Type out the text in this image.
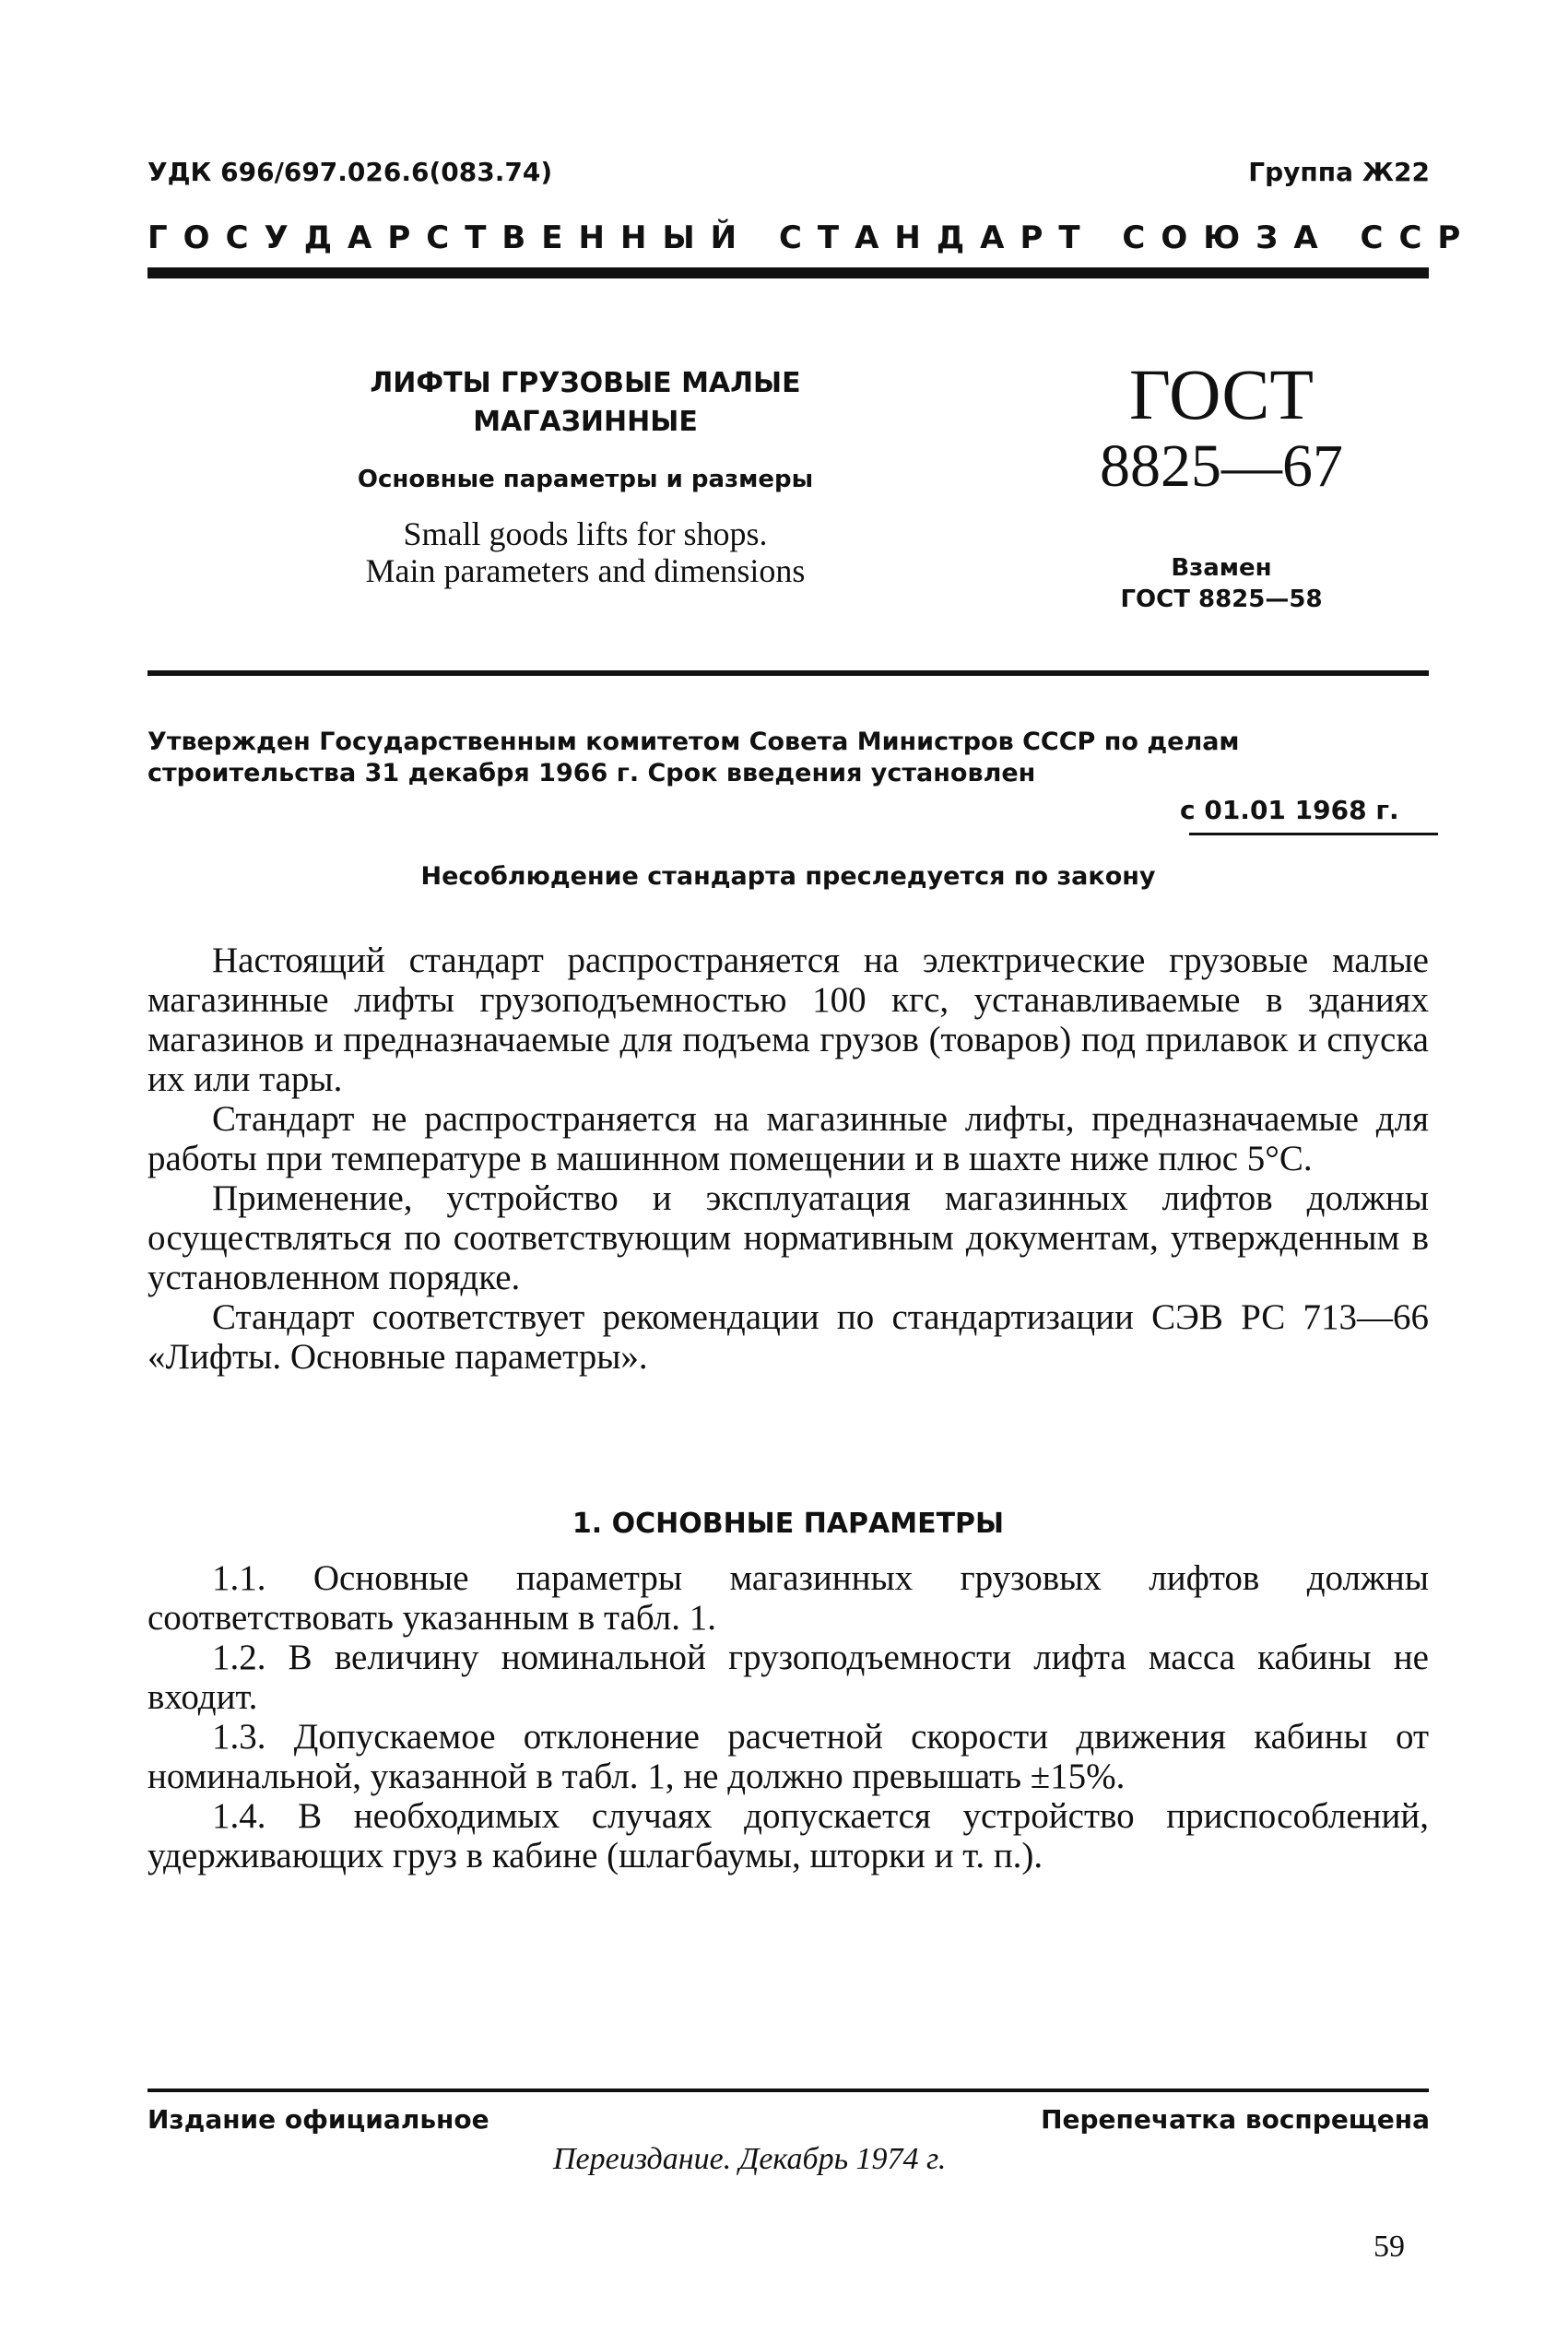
УДК 696/697.026.6(083.74)	Группа Ж22
ГОСУДАРСТВЕННЫЙ СТАНДАРТ СОЮЗА ССР
ЛИФТЫ ГРУЗОВЫЕ МАЛЫЕ
МАГАЗИННЫЕ
Основные параметры и размеры
Small goods lifts for shops.
Main parameters and dimensions
ГОСТ
8825—67
Взамен
ГОСТ 8825—58
Утвержден Государственным комитетом Совета Министров СССР по делам строительства 31 декабря 1966 г. Срок введения установлен
с 01.01 1968 г.
Несоблюдение стандарта преследуется по закону

Настоящий стандарт распространяется на электрические грузовые малые магазинные лифты грузоподъемностью 100 кгс, устанавливаемые в зданиях магазинов и предназначаемые для подъема грузов (товаров) под прилавок и спуска их или тары.

Стандарт не распространяется на магазинные лифты, предназначаемые для работы при температуре в машинном помещении и в шахте ниже плюс 5°С.

Применение, устройство и эксплуатация магазинных лифтов должны осуществляться по соответствующим нормативным документам, утвержденным в установленном порядке.

Стандарт соответствует рекомендации по стандартизации СЭВ РС 713—66 «Лифты. Основные параметры».

1. ОСНОВНЫЕ ПАРАМЕТРЫ

1.1. Основные параметры магазинных грузовых лифтов должны соответствовать указанным в табл. 1.

1.2. В величину номинальной грузоподъемности лифта масса кабины не входит.

1.3. Допускаемое отклонение расчетной скорости движения кабины от номинальной, указанной в табл. 1, не должно превышать ±15%.

1.4. В необходимых случаях допускается устройство приспособлений, удерживающих груз в кабине (шлагбаумы, шторки и т. п.).

Издание официальное	Перепечатка воспрещена
Переиздание. Декабрь 1974 г.
59
